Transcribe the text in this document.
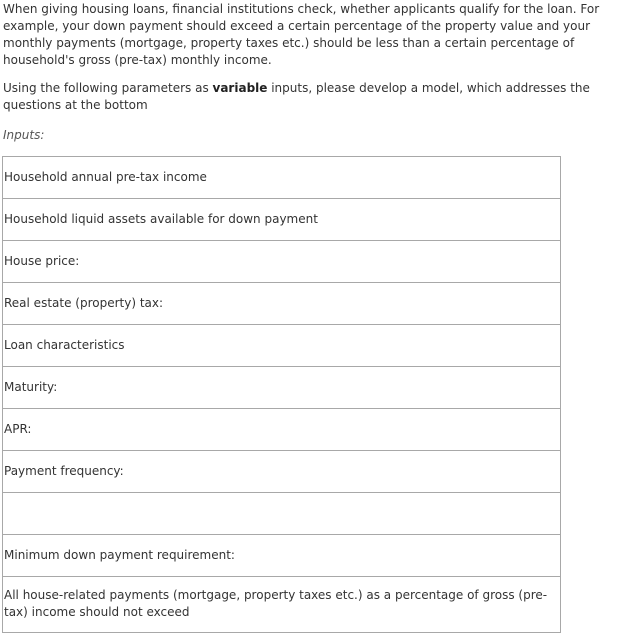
When giving housing loans, financial institutions check, whether applicants qualify for the loan. For example, your down payment should exceed a certain percentage of the property value and your monthly payments (mortgage, property taxes etc.) should be less than a certain percentage of household's gross (pre-tax) monthly income.

Using the following parameters as variable inputs, please develop a model, which addresses the questions at the bottom

Inputs:
Household annual pre-tax income
Household liquid assets available for down payment
House price:
Real estate (property) tax:
Loan characteristics
Maturity:
APR:
Payment frequency:

Minimum down payment requirement:
All house-related payments (mortgage, property taxes etc.) as a percentage of gross (pre-tax) income should not exceed
